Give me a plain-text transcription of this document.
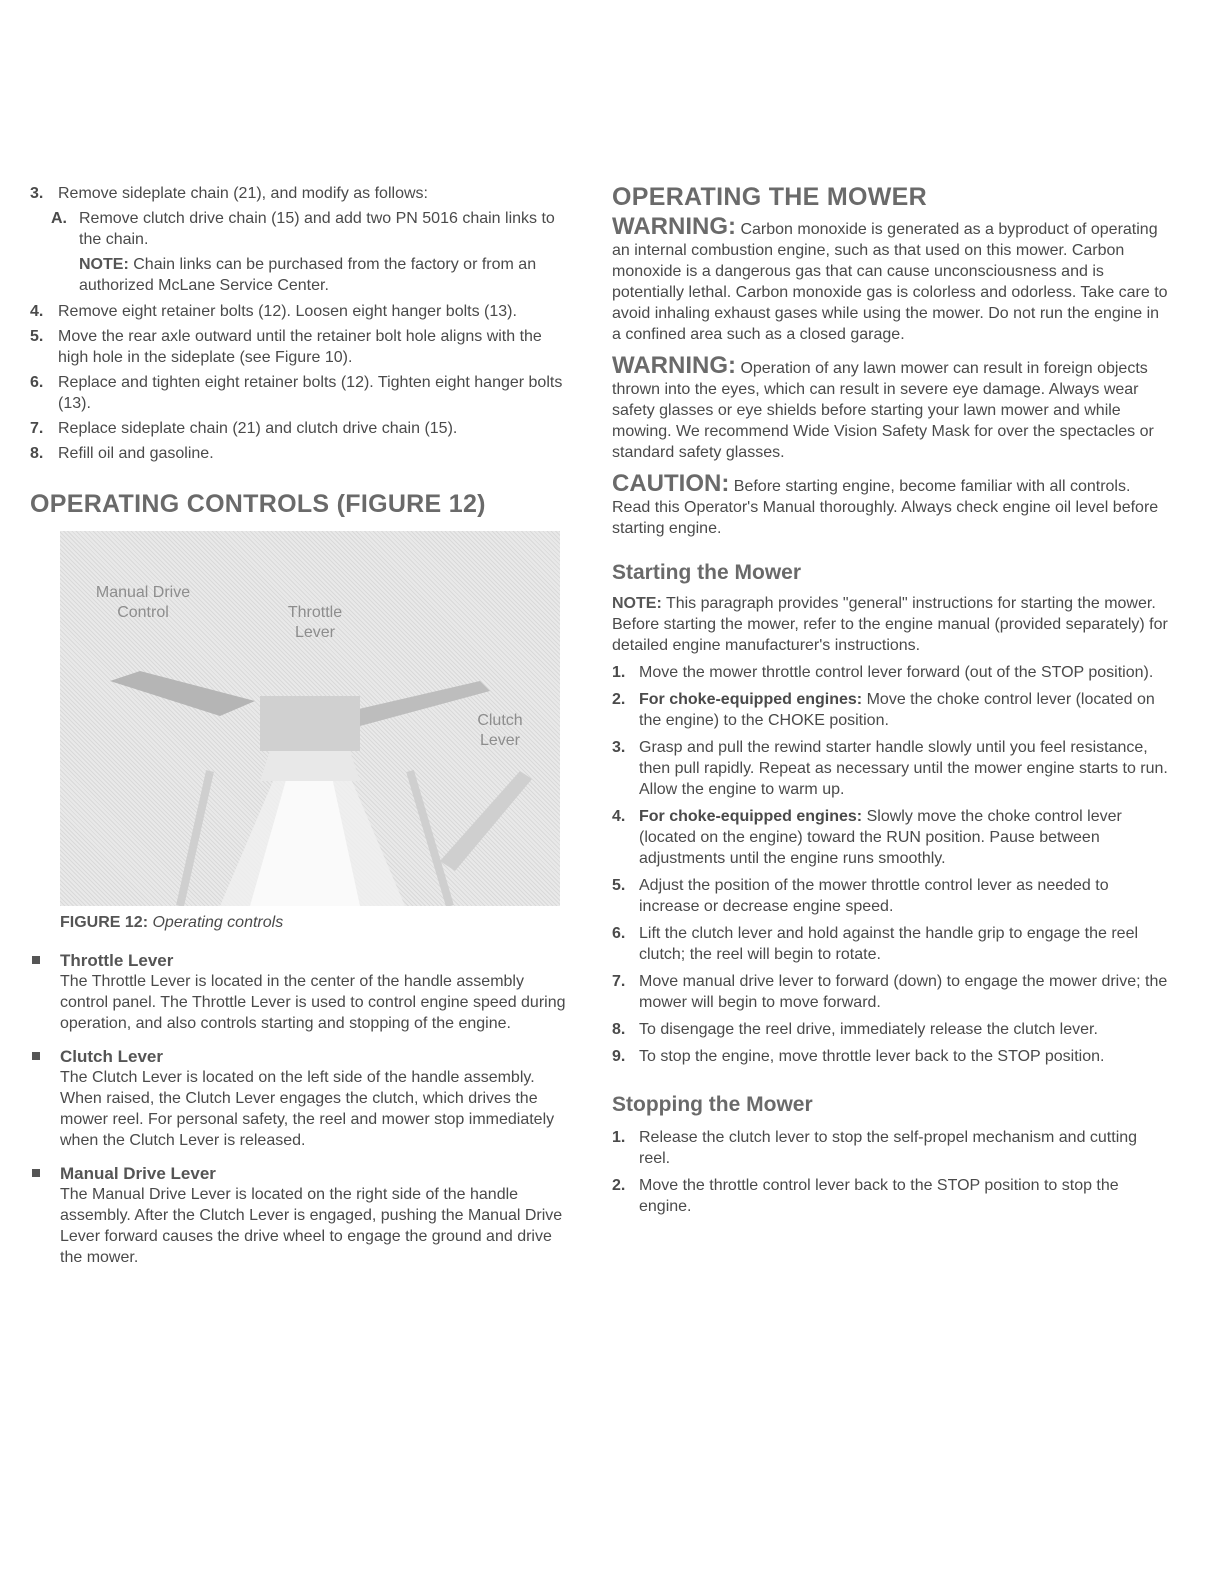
3. Remove sideplate chain (21), and modify as follows:
A. Remove clutch drive chain (15) and add two PN 5016 chain links to the chain.

NOTE: Chain links can be purchased from the factory or from an authorized McLane Service Center.

4. Remove eight retainer bolts (12). Loosen eight hanger bolts (13).
5. Move the rear axle outward until the retainer bolt hole aligns with the high hole in the sideplate (see Figure 10).
6. Replace and tighten eight retainer bolts (12). Tighten eight hanger bolts (13).
7. Replace sideplate chain (21) and clutch drive chain (15).
8. Refill oil and gasoline.
OPERATING CONTROLS (FIGURE 12)
Manual Drive Control	Throttle Lever
Clutch Lever

FIGURE 12: Operating controls

Throttle Lever

The Throttle Lever is located in the center of the handle assembly control panel. The Throttle Lever is used to control engine speed during operation, and also controls starting and stopping of the engine.

Clutch Lever

The Clutch Lever is located on the left side of the handle assembly. When raised, the Clutch Lever engages the clutch, which drives the mower reel. For personal safety, the reel and mower stop immediately when the Clutch Lever is released.

Manual Drive Lever

The Manual Drive Lever is located on the right side of the handle assembly. After the Clutch Lever is engaged, pushing the Manual Drive Lever forward causes the drive wheel to engage the ground and drive the mower.

OPERATING THE MOWER

WARNING: Carbon monoxide is generated as a byproduct of operating an internal combustion engine, such as that used on this mower. Carbon monoxide is a dangerous gas that can cause unconsciousness and is potentially lethal. Carbon monoxide gas is colorless and odorless. Take care to avoid inhaling exhaust gases while using the mower. Do not run the engine in a confined area such as a closed garage.

WARNING: Operation of any lawn mower can result in foreign objects thrown into the eyes, which can result in severe eye damage. Always wear safety glasses or eye shields before starting your lawn mower and while mowing. We recommend Wide Vision Safety Mask for over the spectacles or standard safety glasses.

CAUTION: Before starting engine, become familiar with all controls. Read this Operator's Manual thoroughly. Always check engine oil level before starting engine.

Starting the Mower

NOTE: This paragraph provides "general" instructions for starting the mower. Before starting the mower, refer to the engine manual (provided separately) for detailed engine manufacturer's instructions.

1. Move the mower throttle control lever forward (out of the STOP position).
2. For choke-equipped engines: Move the choke control lever (located on the engine) to the CHOKE position.
3. Grasp and pull the rewind starter handle slowly until you feel resistance, then pull rapidly. Repeat as necessary until the mower engine starts to run. Allow the engine to warm up.
4. For choke-equipped engines: Slowly move the choke control lever (located on the engine) toward the RUN position. Pause between adjustments until the engine runs smoothly.
5. Adjust the position of the mower throttle control lever as needed to increase or decrease engine speed.
6. Lift the clutch lever and hold against the handle grip to engage the reel clutch; the reel will begin to rotate.
7. Move manual drive lever to forward (down) to engage the mower drive; the mower will begin to move forward.
8. To disengage the reel drive, immediately release the clutch lever.
9. To stop the engine, move throttle lever back to the STOP position.
Stopping the Mower
1. Release the clutch lever to stop the self-propel mechanism and cutting reel.
2. Move the throttle control lever back to the STOP position to stop the engine.
